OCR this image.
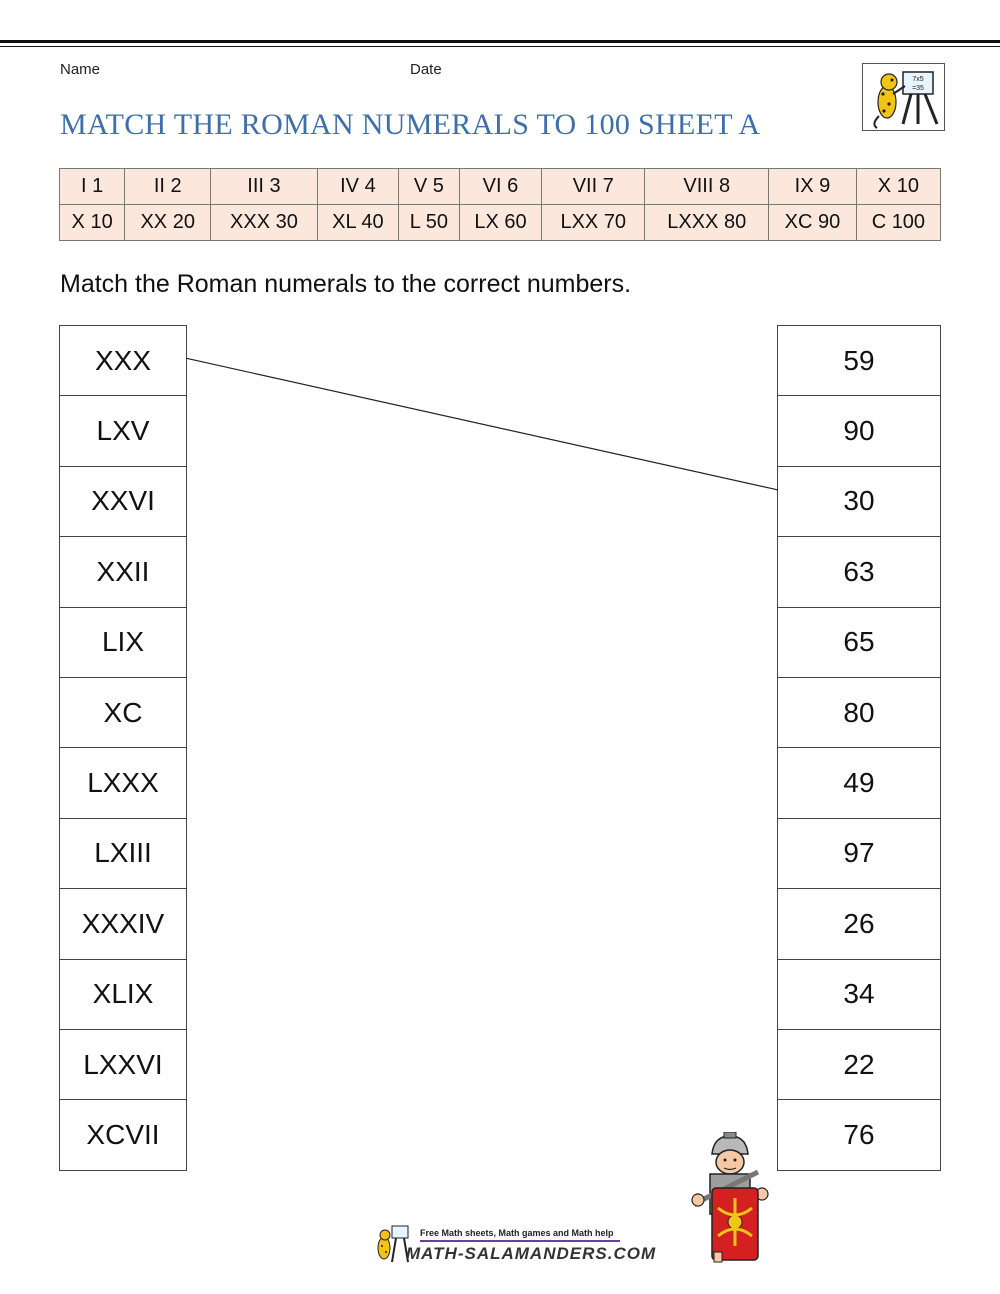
Name	Date
7x5
=35
MATCH THE ROMAN NUMERALS TO 100 SHEET A
I 1	II 2	III 3	IV 4	V 5	VI 6	VII 7	VIII 8	IX 9	X 10
X 10	XX 20	XXX 30	XL 40	L 50	LX 60	LXX 70	LXXX 80	XC 90	C 100
Match the Roman numerals to the correct numbers.
XXX
LXV
XXVI
XXII
LIX
XC
LXXX
LXIII
XXXIV
XLIX
LXXVI
XCVII
59
90
30
63
65
80
49
97
26
34
22
76
Free Math sheets, Math games and Math help
MATH-SALAMANDERS.COM
